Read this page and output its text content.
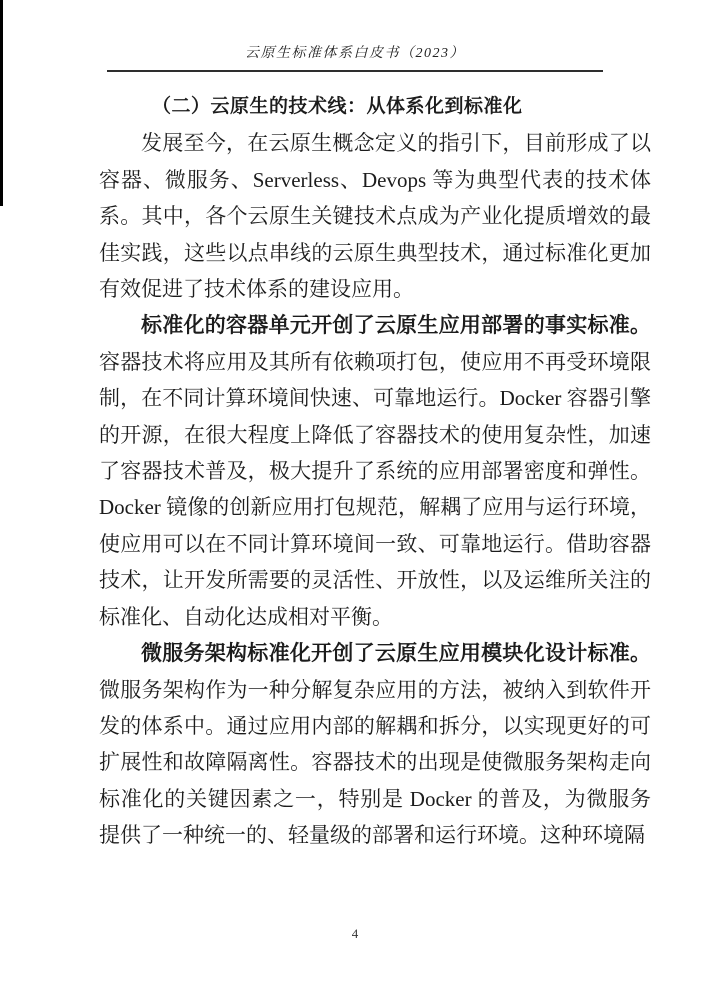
云原生标准体系白皮书（2023）
（二）云原生的技术线：从体系化到标准化

发展至今，在云原生概念定义的指引下，目前形成了以容器、微服务、Serverless、Devops 等为典型代表的技术体系。其中，各个云原生关键技术点成为产业化提质增效的最佳实践，这些以点串线的云原生典型技术，通过标准化更加有效促进了技术体系的建设应用。

标准化的容器单元开创了云原生应用部署的事实标准。容器技术将应用及其所有依赖项打包，使应用不再受环境限制，在不同计算环境间快速、可靠地运行。Docker 容器引擎的开源，在很大程度上降低了容器技术的使用复杂性，加速了容器技术普及，极大提升了系统的应用部署密度和弹性。Docker 镜像的创新应用打包规范，解耦了应用与运行环境，使应用可以在不同计算环境间一致、可靠地运行。借助容器技术，让开发所需要的灵活性、开放性，以及运维所关注的标准化、自动化达成相对平衡。

微服务架构标准化开创了云原生应用模块化设计标准。微服务架构作为一种分解复杂应用的方法，被纳入到软件开发的体系中。通过应用内部的解耦和拆分，以实现更好的可扩展性和故障隔离性。容器技术的出现是使微服务架构走向标准化的关键因素之一，特别是 Docker 的普及，为微服务提供了一种统一的、轻量级的部署和运行环境。这种环境隔

4
